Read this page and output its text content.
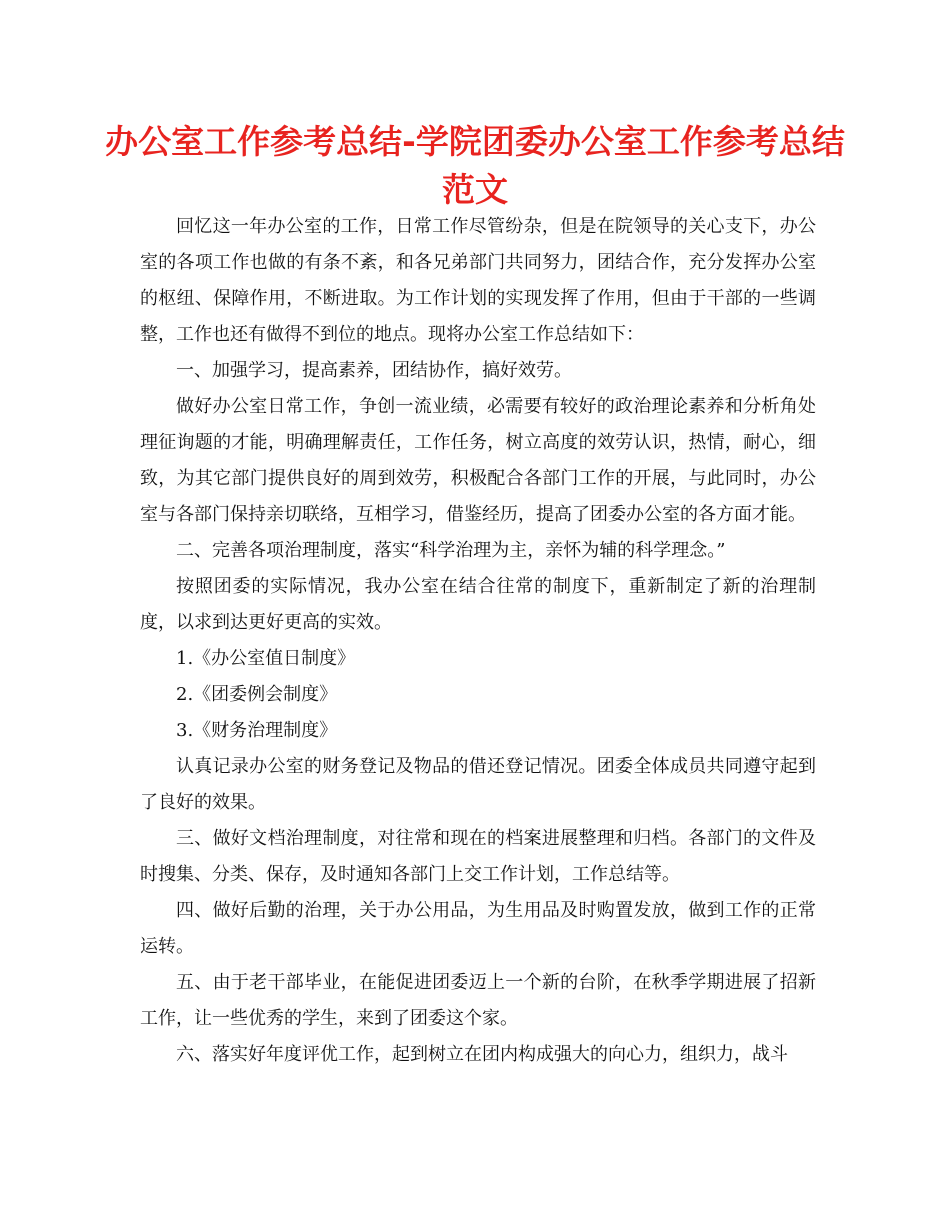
办公室工作参考总结-学院团委办公室工作参考总结范文

回忆这一年办公室的工作，日常工作尽管纷杂，但是在院领导的关心支下，办公室的各项工作也做的有条不紊，和各兄弟部门共同努力，团结合作，充分发挥办公室的枢纽、保障作用，不断进取。为工作计划的实现发挥了作用，但由于干部的一些调整，工作也还有做得不到位的地点。现将办公室工作总结如下：

一、加强学习，提高素养，团结协作，搞好效劳。

做好办公室日常工作，争创一流业绩，必需要有较好的政治理论素养和分析角处理征询题的才能，明确理解责任，工作任务，树立高度的效劳认识，热情，耐心，细致，为其它部门提供良好的周到效劳，积极配合各部门工作的开展，与此同时，办公室与各部门保持亲切联络，互相学习，借鉴经历，提高了团委办公室的各方面才能。

二、完善各项治理制度，落实“科学治理为主，亲怀为辅的科学理念。”

按照团委的实际情况，我办公室在结合往常的制度下，重新制定了新的治理制度，以求到达更好更高的实效。

1.《办公室值日制度》

2.《团委例会制度》

3.《财务治理制度》

认真记录办公室的财务登记及物品的借还登记情况。团委全体成员共同遵守起到了良好的效果。

三、做好文档治理制度，对往常和现在的档案进展整理和归档。各部门的文件及时搜集、分类、保存，及时通知各部门上交工作计划，工作总结等。

四、做好后勤的治理，关于办公用品，为生用品及时购置发放，做到工作的正常运转。

五、由于老干部毕业，在能促进团委迈上一个新的台阶，在秋季学期进展了招新工作，让一些优秀的学生，来到了团委这个家。

六、落实好年度评优工作，起到树立在团内构成强大的向心力，组织力，战斗
